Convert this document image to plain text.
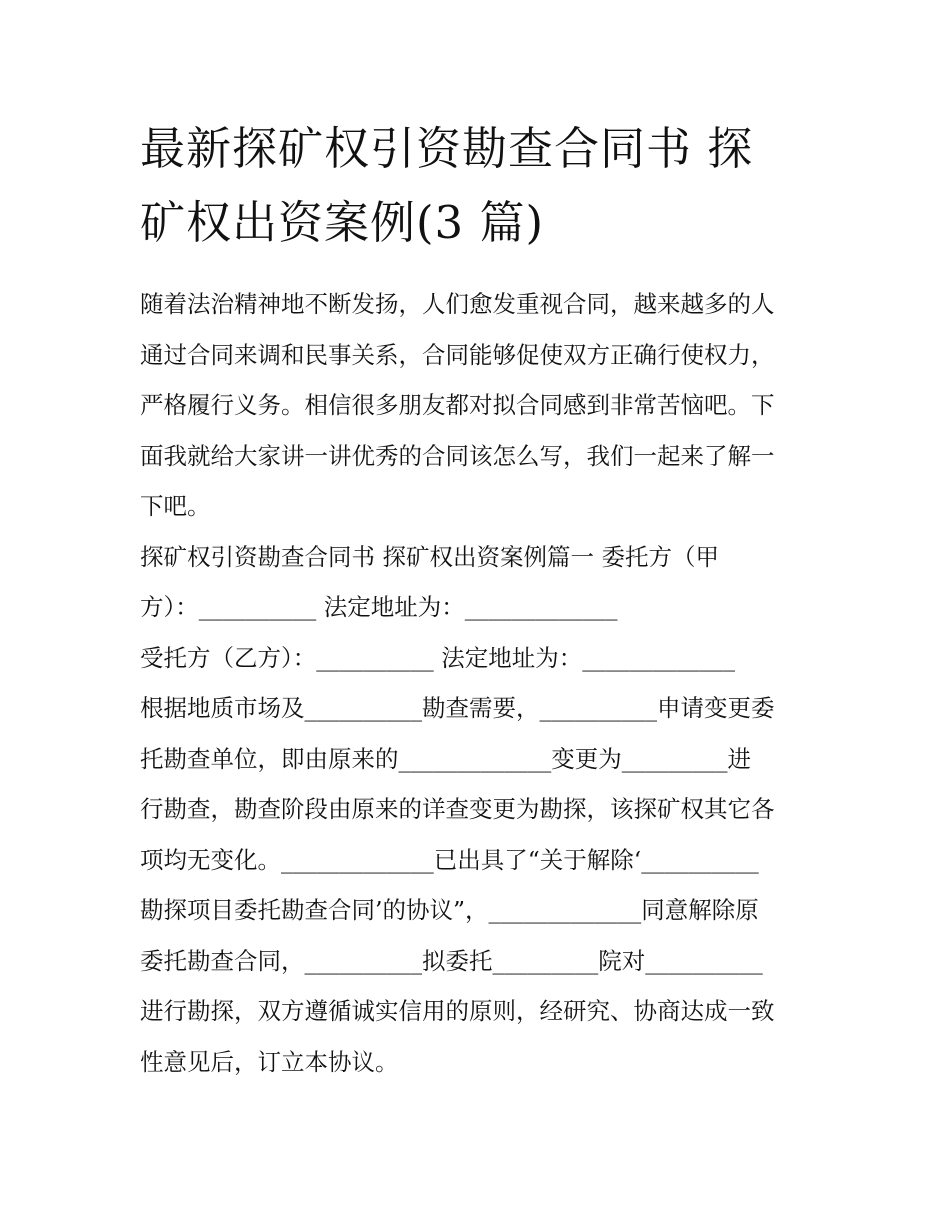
最新探矿权引资勘查合同书 探
矿权出资案例(3 篇)
随着法治精神地不断发扬，人们愈发重视合同，越来越多的人
通过合同来调和民事关系，合同能够促使双方正确行使权力，
严格履行义务。相信很多朋友都对拟合同感到非常苦恼吧。下
面我就给大家讲一讲优秀的合同该怎么写，我们一起来了解一
下吧。
探矿权引资勘查合同书 探矿权出资案例篇一 委托方（甲
方）：__________ 法定地址为：_____________
受托方（乙方）：__________ 法定地址为：_____________
根据地质市场及__________勘查需要，__________申请变更委
托勘查单位，即由原来的_____________变更为_________进
行勘查，勘查阶段由原来的详查变更为勘探，该探矿权其它各
项均无变化。_____________已出具了“关于解除‘__________
勘探项目委托勘查合同’的协议”，_____________同意解除原
委托勘查合同，__________拟委托_________院对__________
进行勘探，双方遵循诚实信用的原则，经研究、协商达成一致
性意见后，订立本协议。
